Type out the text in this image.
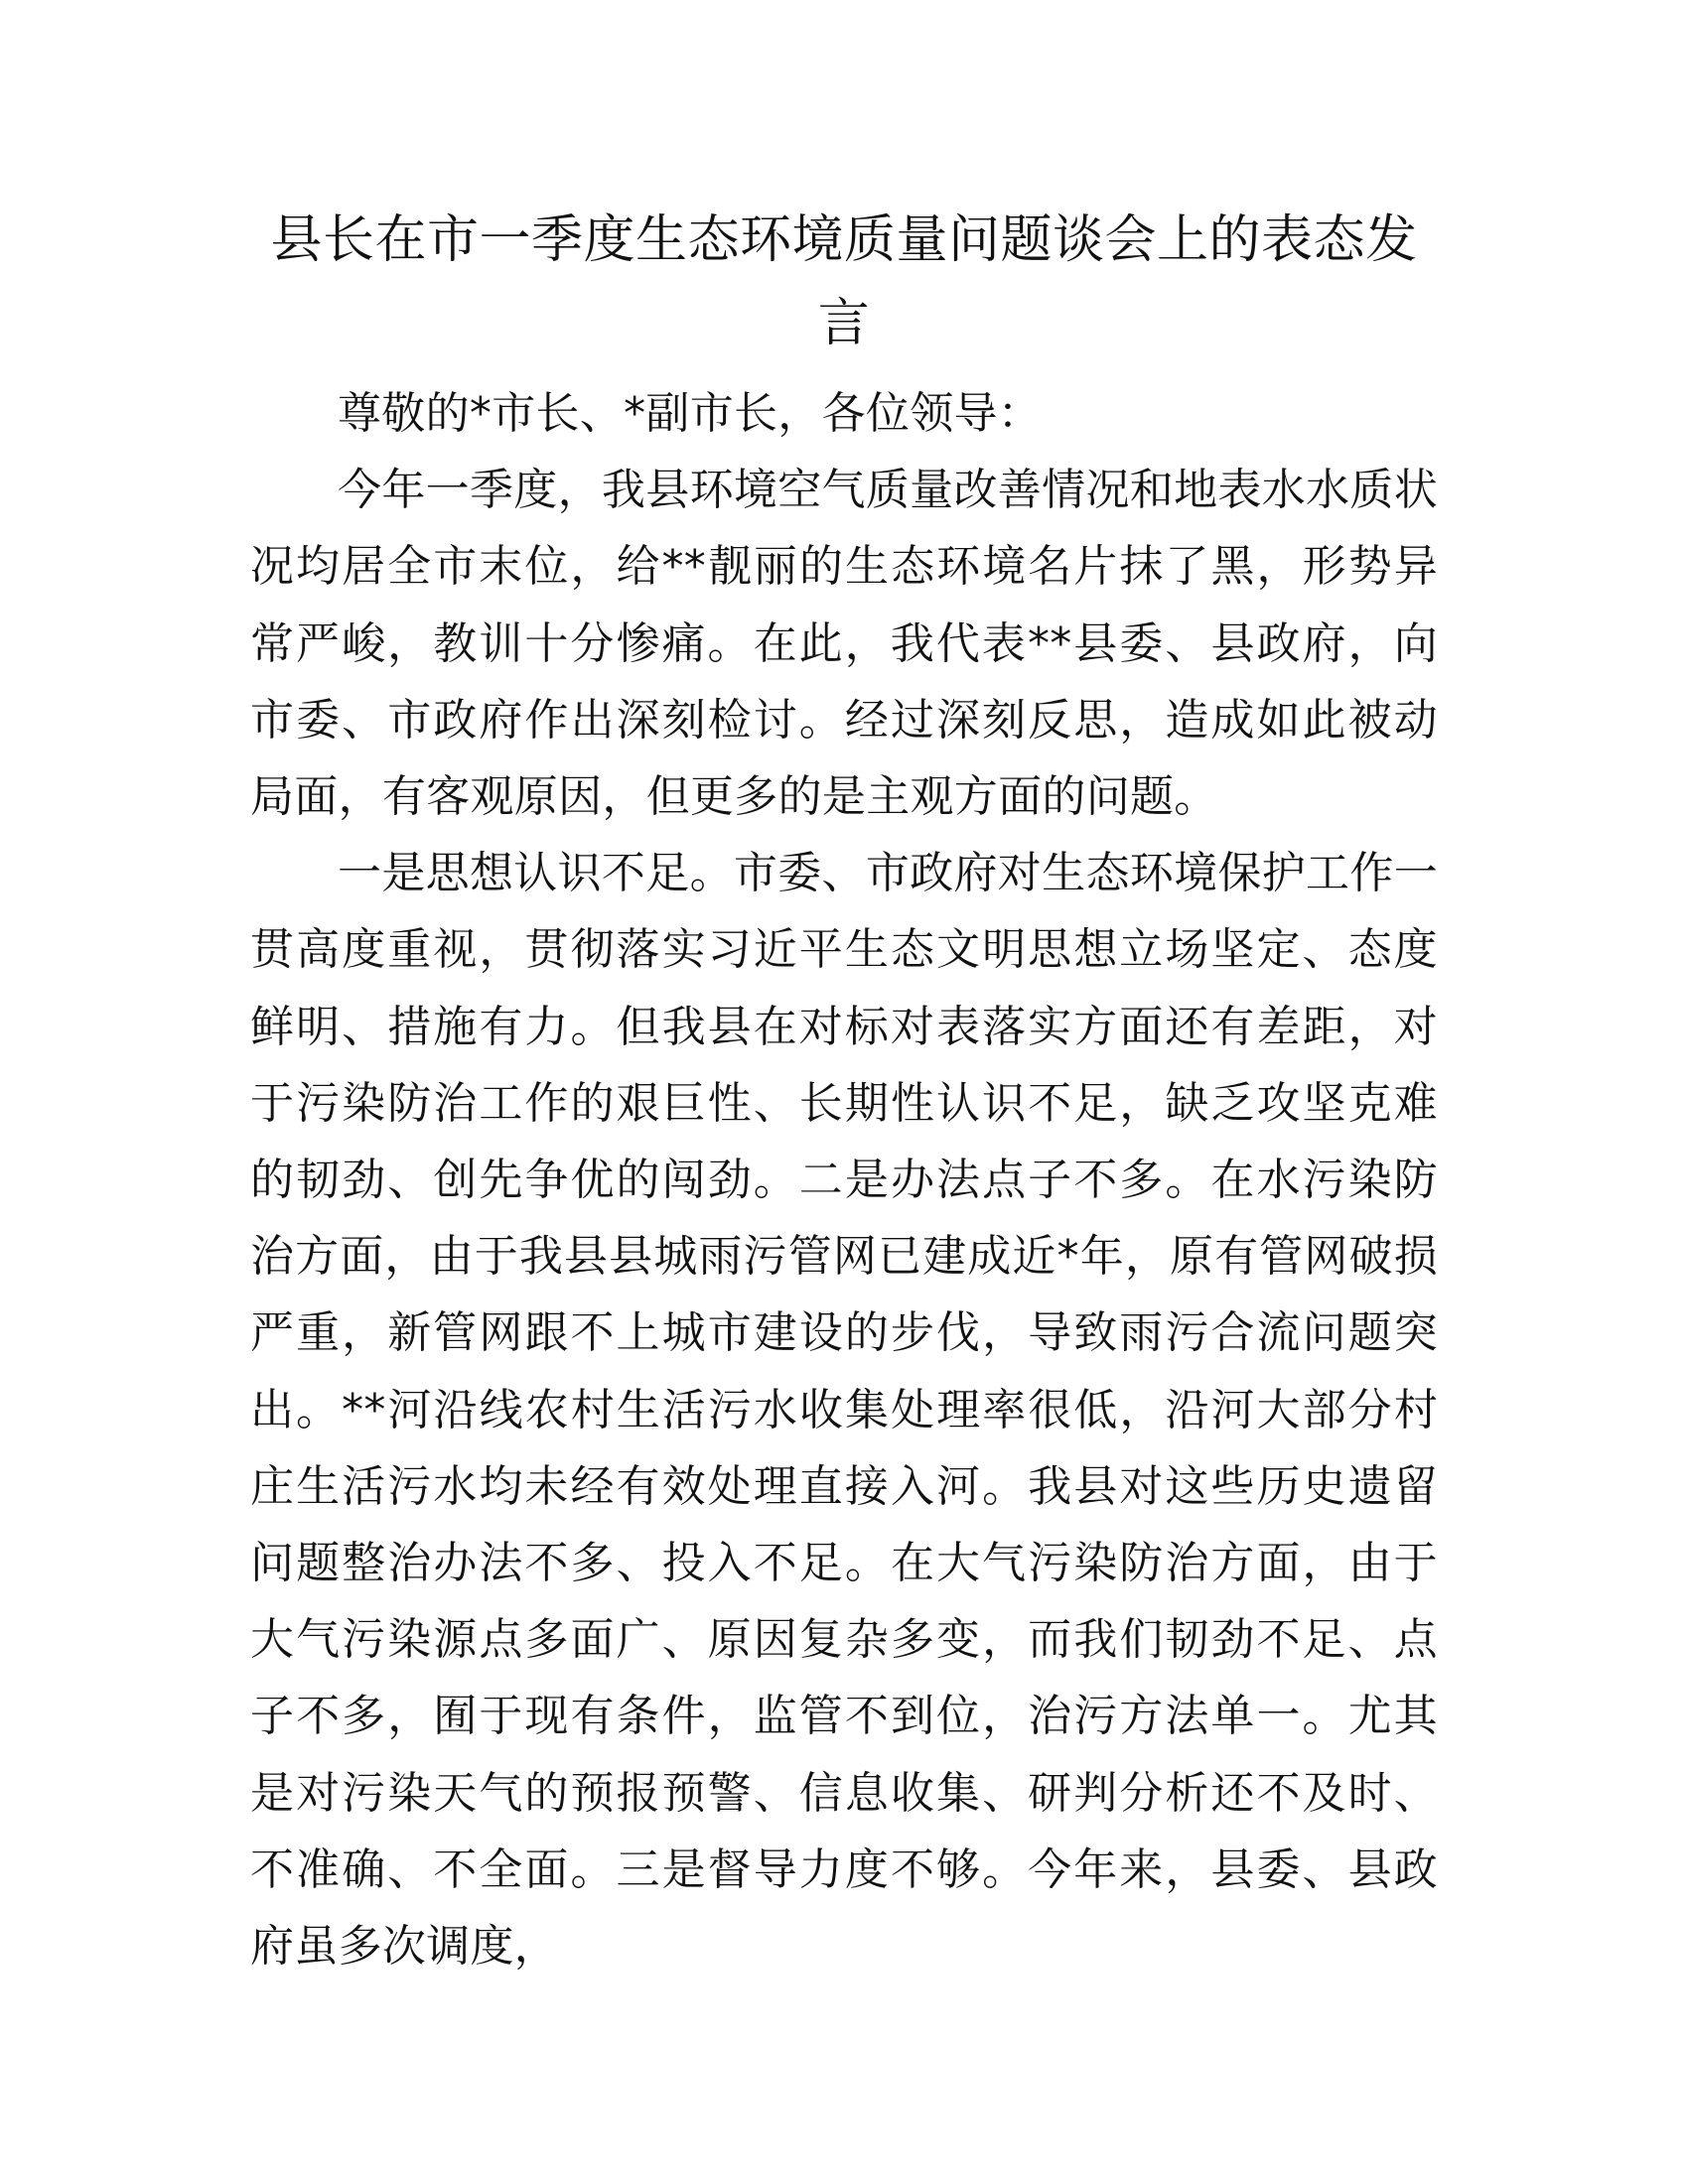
县长在市一季度生态环境质量问题谈会上的表态发言

尊敬的*市长、*副市长，各位领导：

今年一季度，我县环境空气质量改善情况和地表水水质状况均居全市末位，给**靓丽的生态环境名片抹了黑，形势异常严峻，教训十分惨痛。在此，我代表**县委、县政府，向市委、市政府作出深刻检讨。经过深刻反思，造成如此被动局面，有客观原因，但更多的是主观方面的问题。

一是思想认识不足。市委、市政府对生态环境保护工作一贯高度重视，贯彻落实习近平生态文明思想立场坚定、态度鲜明、措施有力。但我县在对标对表落实方面还有差距，对于污染防治工作的艰巨性、长期性认识不足，缺乏攻坚克难的韧劲、创先争优的闯劲。二是办法点子不多。在水污染防治方面，由于我县县城雨污管网已建成近*年，原有管网破损严重，新管网跟不上城市建设的步伐，导致雨污合流问题突出。**河沿线农村生活污水收集处理率很低，沿河大部分村庄生活污水均未经有效处理直接入河。我县对这些历史遗留问题整治办法不多、投入不足。在大气污染防治方面，由于大气污染源点多面广、原因复杂多变，而我们韧劲不足、点子不多，囿于现有条件，监管不到位，治污方法单一。尤其是对污染天气的预报预警、信息收集、研判分析还不及时、不准确、不全面。三是督导力度不够。今年来，县委、县政府虽多次调度，
